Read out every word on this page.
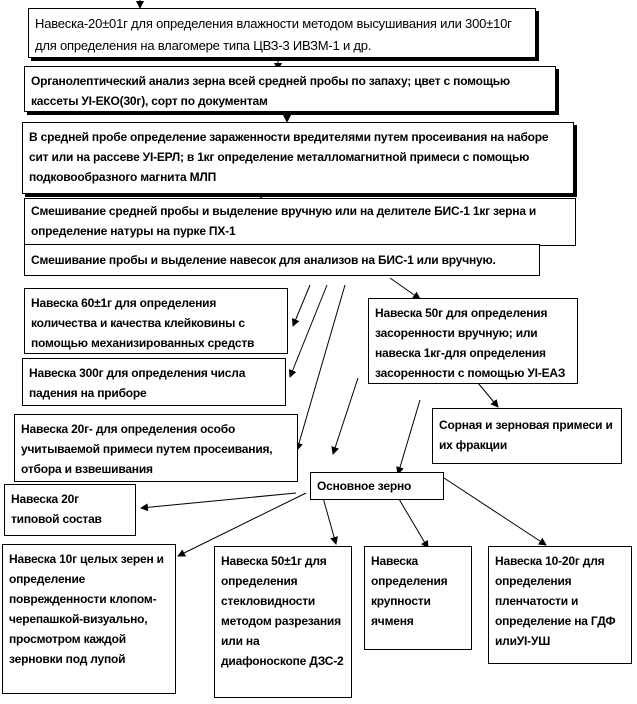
Навеска-20±01г для определения влажности методом высушивания или 300±10г для определения на влагомере типа ЦВЗ-3 ИВЗМ-1 и др.
Органолептический анализ зерна всей средней пробы по запаху; цвет с помощью кассеты УI-ЕКО(30г), сорт по документам
В средней пробе определение зараженности вредителями путем просеивания на наборе сит или на рассеве УI-ЕРЛ; в 1кг определение металломагнитной примеси с помощью подковообразного магнита МЛП
Смешивание средней пробы и выделение вручную или на делителе БИС-1 1кг зерна и определение натуры на пурке ПХ-1
Смешивание пробы и выделение навесок для анализов на БИС-1 или вручную.
Навеска 60±1г для определения количества и качества клейковины с помощью механизированных средств
Навеска 300г для определения числа падения на приборе
Навеска 20г- для определения особо учитываемой примеси путем просеивания, отбора и взвешивания
Навеска 50г для определения засоренности вручную; или навеска 1кг-для определения засоренности с помощью УI-ЕАЗ
Сорная и зерновая примеси и их фракции
Основное зерно
Навеска 20г типовой состав
Навеска 10г целых зерен и определение поврежденности клопом-черепашкой-визуально, просмотром каждой зерновки под лупой
Навеска 50±1г для определения стекловидности методом разрезания или на диафоноскопе ДЗС-2
Навеска определения крупности ячменя
Навеска 10-20г для определения пленчатости и определение на ГДФ илиУI-УШ
